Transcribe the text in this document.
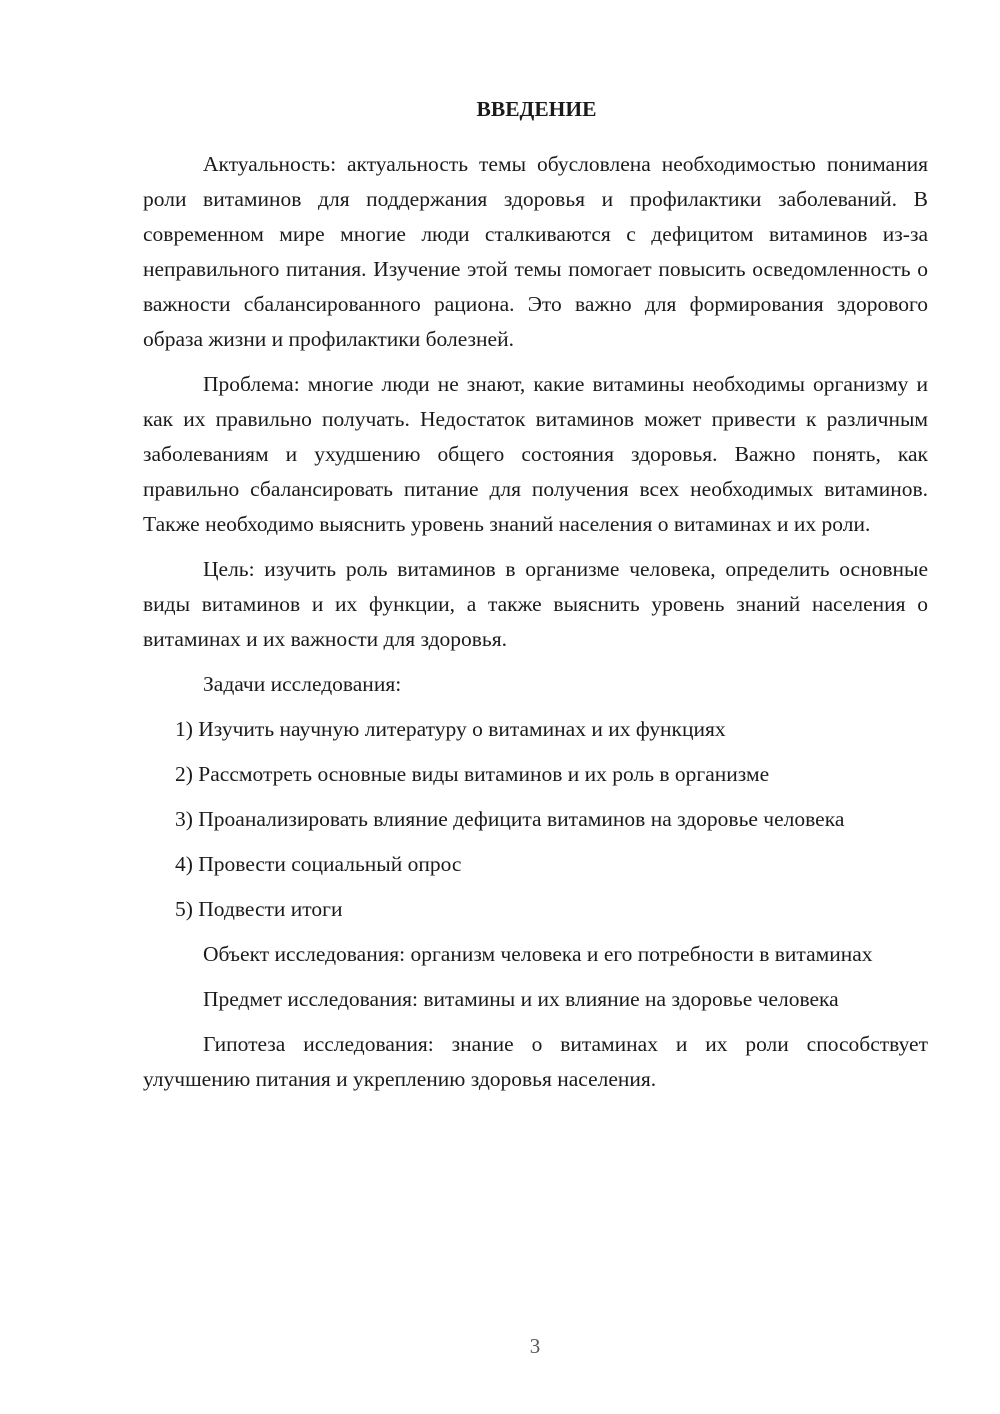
ВВЕДЕНИЕ

Актуальность: актуальность темы обусловлена необходимостью понимания роли витаминов для поддержания здоровья и профилактики заболеваний. В современном мире многие люди сталкиваются с дефицитом витаминов из-за неправильного питания. Изучение этой темы помогает повысить осведомленность о важности сбалансированного рациона. Это важно для формирования здорового образа жизни и профилактики болезней.

Проблема: многие люди не знают, какие витамины необходимы организму и как их правильно получать. Недостаток витаминов может привести к различным заболеваниям и ухудшению общего состояния здоровья. Важно понять, как правильно сбалансировать питание для получения всех необходимых витаминов. Также необходимо выяснить уровень знаний населения о витаминах и их роли.

Цель: изучить роль витаминов в организме человека, определить основные виды витаминов и их функции, а также выяснить уровень знаний населения о витаминах и их важности для здоровья.

Задачи исследования:

1) Изучить научную литературу о витаминах и их функциях
2) Рассмотреть основные виды витаминов и их роль в организме
3) Проанализировать влияние дефицита витаминов на здоровье человека
4) Провести социальный опрос
5) Подвести итоги

Объект исследования: организм человека и его потребности в витаминах

Предмет исследования: витамины и их влияние на здоровье человека

Гипотеза исследования: знание о витаминах и их роли способствует улучшению питания и укреплению здоровья населения.

3
